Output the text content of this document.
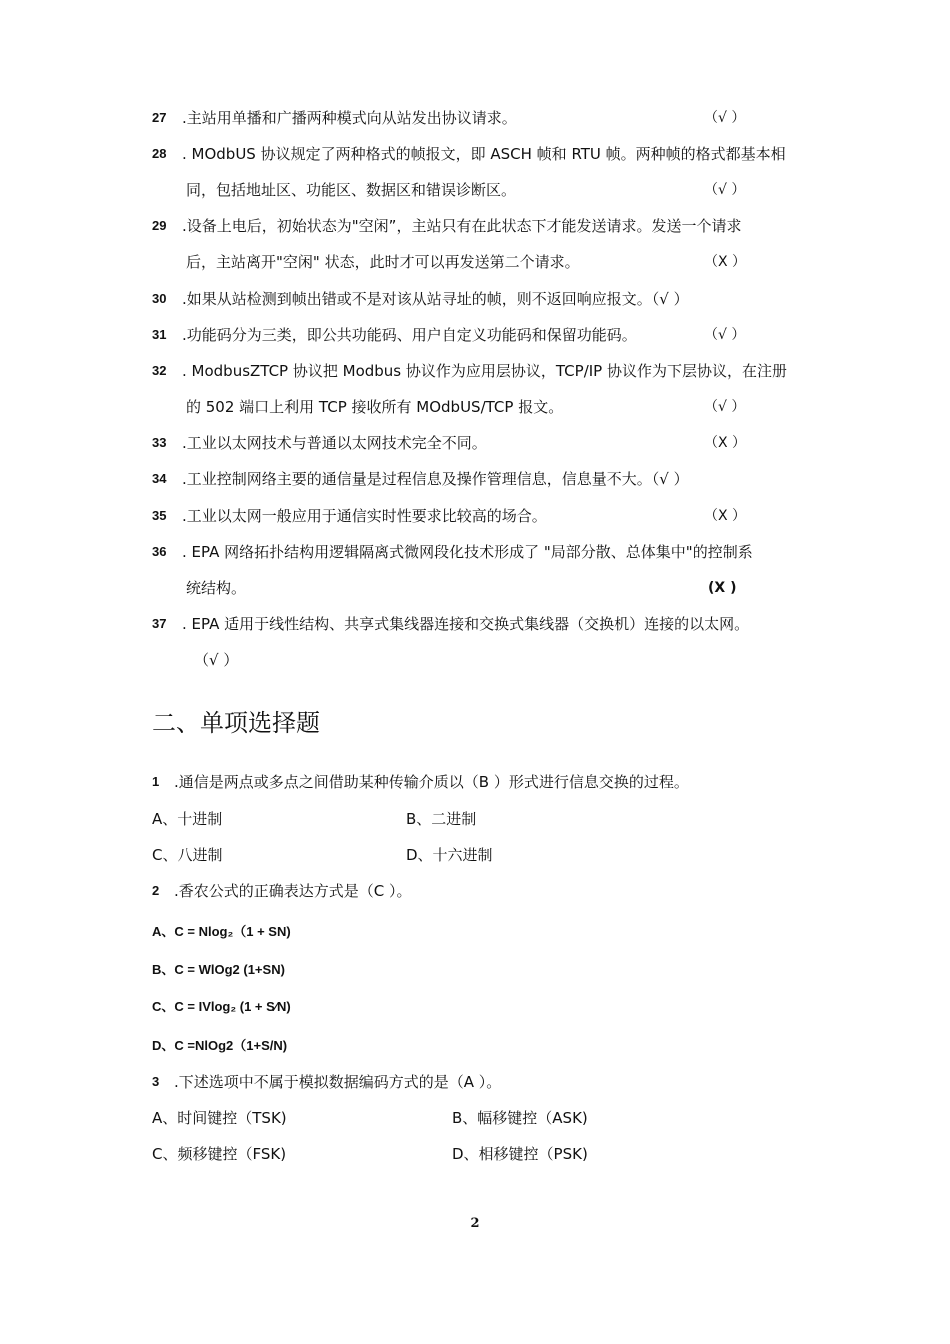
27 .主站用单播和广播两种模式向从站发出协议请求。	（√ ）
28 . MOdbUS 协议规定了两种格式的帧报文，即 ASCH 帧和 RTU 帧。两种帧的格式都基本相
同，包括地址区、功能区、数据区和错误诊断区。	（√ ）
29 .设备上电后，初始状态为"空闲”，主站只有在此状态下才能发送请求。发送一个请求
后，主站离开"空闲" 状态，此时才可以再发送第二个请求。	（X ）
30 .如果从站检测到帧出错或不是对该从站寻址的帧，则不返回响应报文。（√ ）
31 .功能码分为三类，即公共功能码、用户自定义功能码和保留功能码。	（√ ）
32 . ModbusZTCP 协议把 Modbus 协议作为应用层协议，TCP/IP 协议作为下层协议，在注册
的 502 端口上利用 TCP 接收所有 MOdbUS/TCP 报文。	（√ ）
33 .工业以太网技术与普通以太网技术完全不同。	（X ）
34 .工业控制网络主要的通信量是过程信息及操作管理信息，信息量不大。（√ ）
35 .工业以太网一般应用于通信实时性要求比较高的场合。	（X ）
36 . EPA 网络拓扑结构用逻辑隔离式微网段化技术形成了 "局部分散、总体集中"的控制系
统结构。	(X )
37 . EPA 适用于线性结构、共享式集线器连接和交换式集线器（交换机）连接的以太网。
（√ ）
二、单项选择题
1 .通信是两点或多点之间借助某种传输介质以（B ）形式进行信息交换的过程。
A、十进制	B、二进制
C、八进制	D、十六进制
2 .香农公式的正确表达方式是（C ）。
A、C = Nlog₂（1 + SN)
B、C = WlOg2 (1+SN)
C、C = IVlog₂ (1 + S∕N)
D、C =NlOg2（1+S/N)
3 .下述选项中不属于模拟数据编码方式的是（A ）。
A、时间键控（TSK)	B、幅移键控（ASK)
C、频移键控（FSK)	D、相移键控（PSK)
2
